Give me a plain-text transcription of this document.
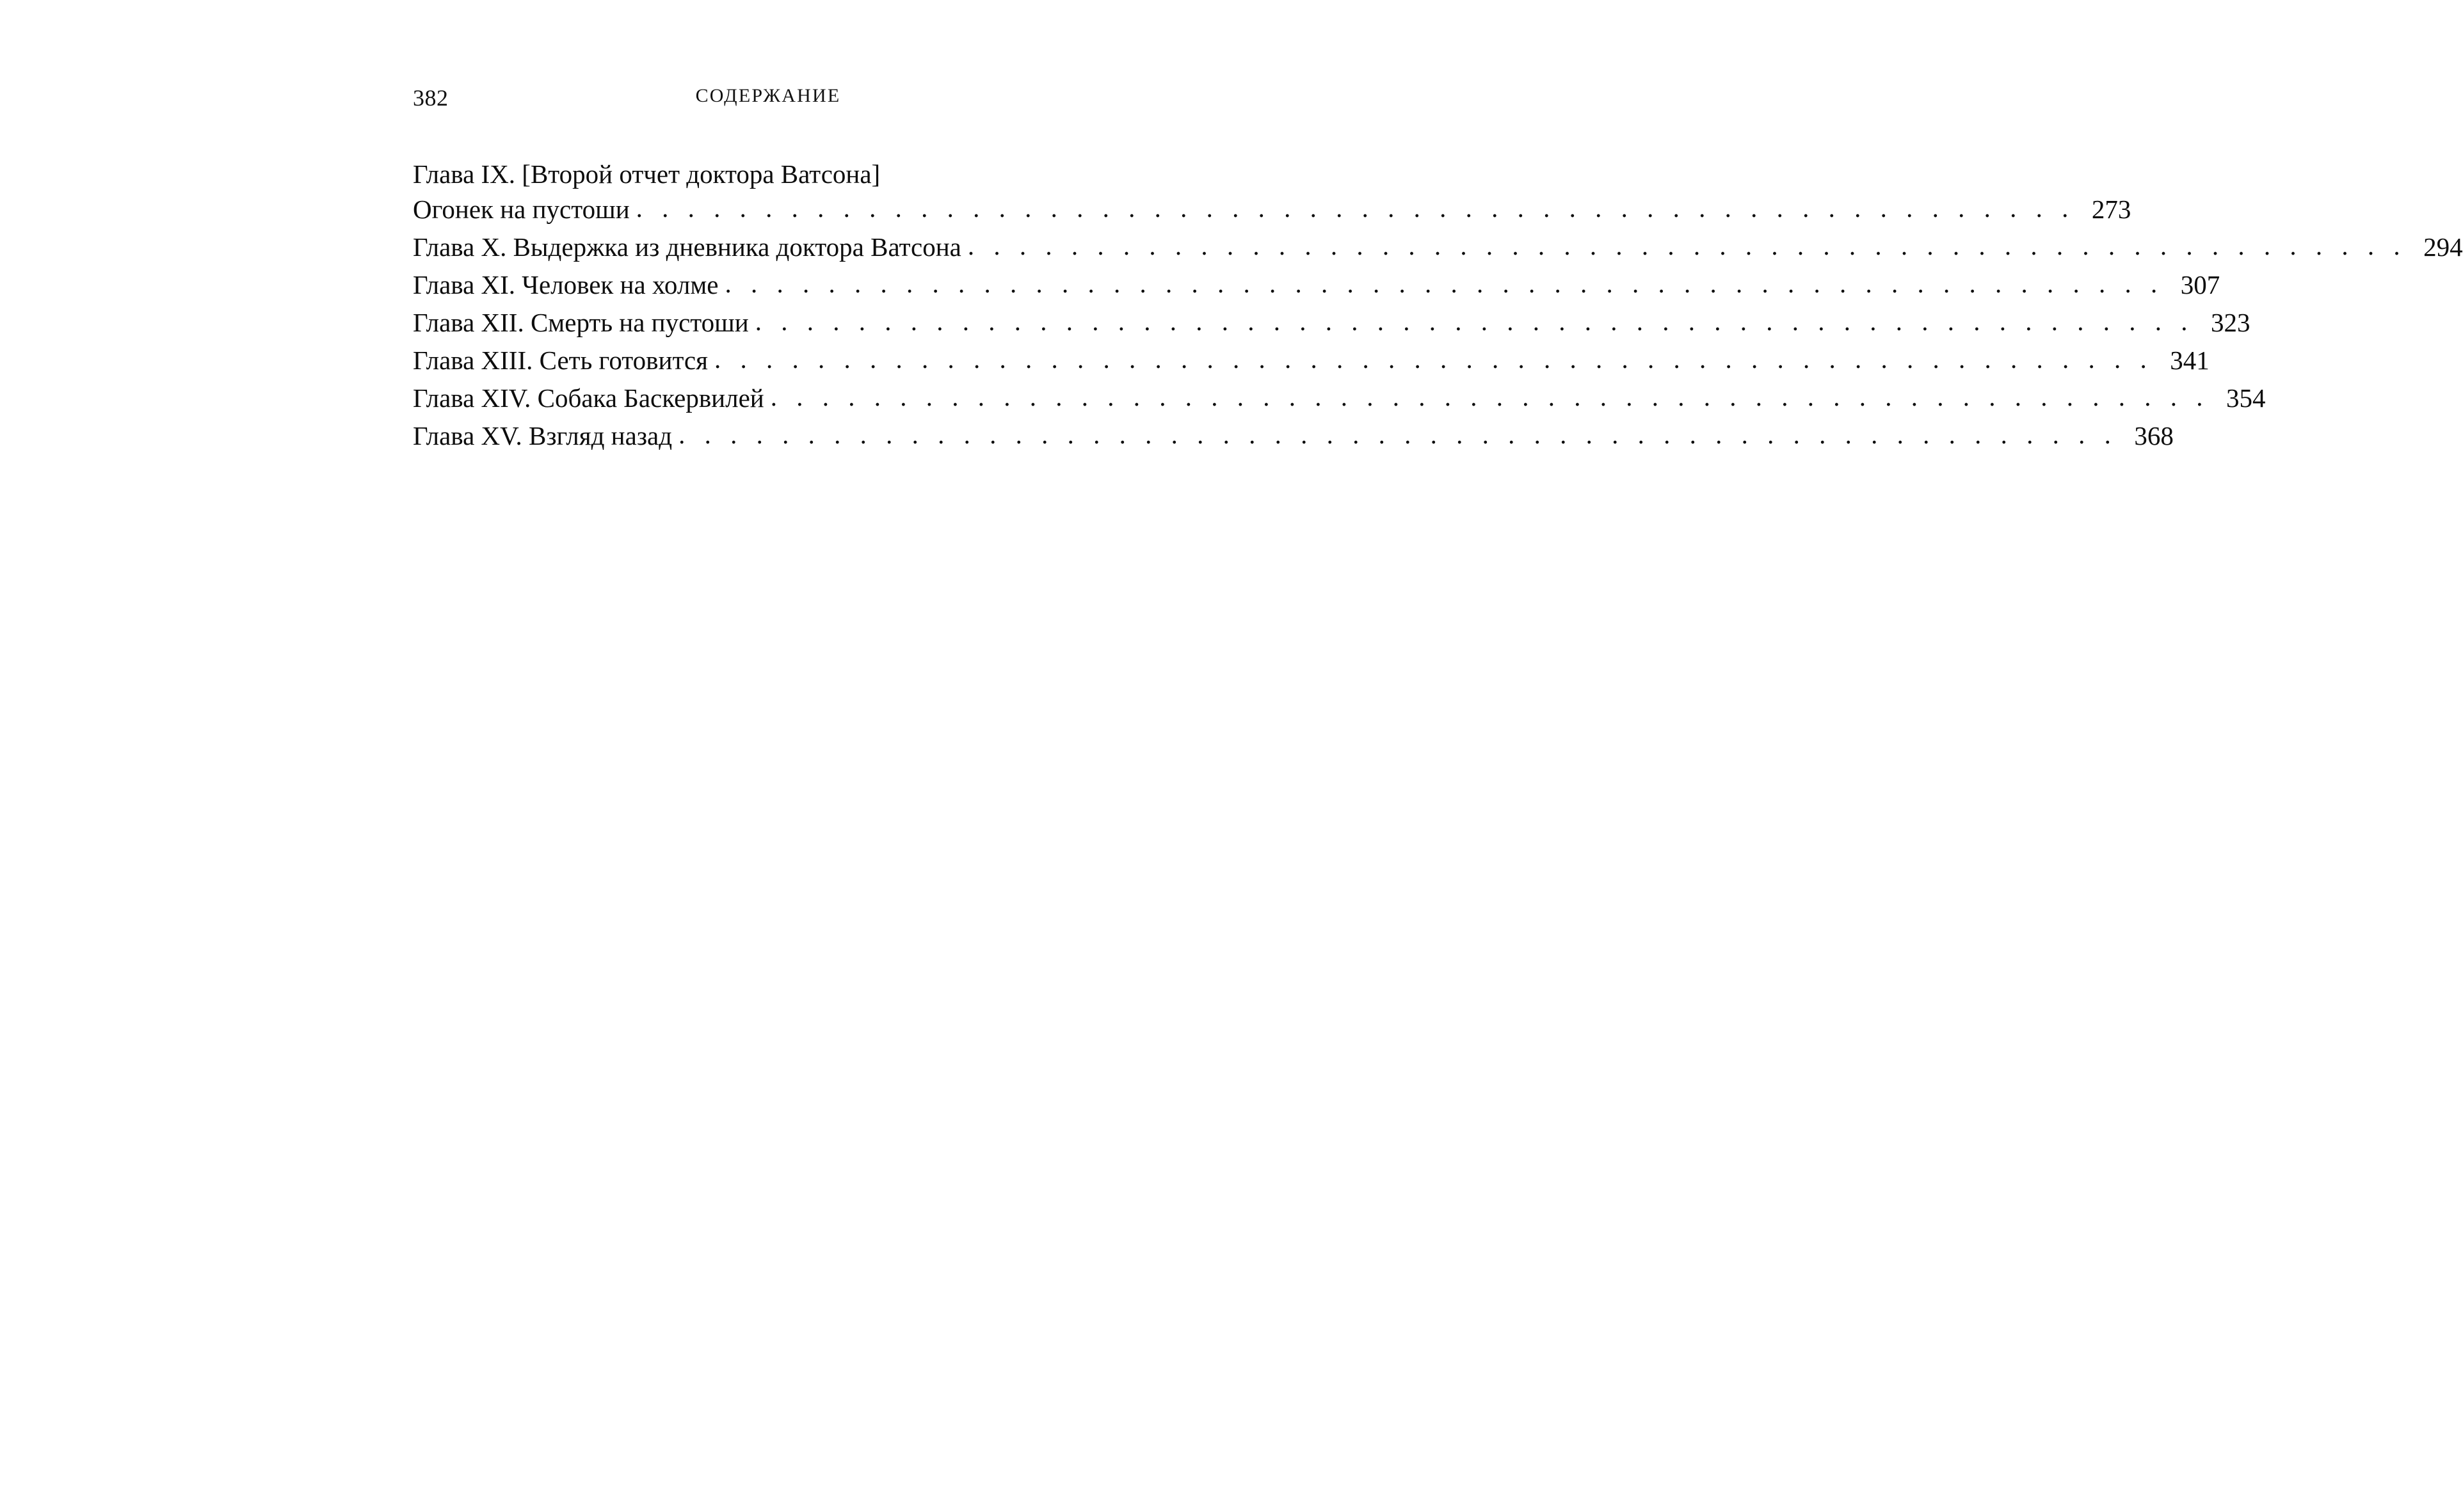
382	СОДЕРЖАНИЕ
Глава IX. [Второй отчет доктора Ватсона]
Огонек на пустоши . . . . . . . . . . . . . . . . . . . . . . . . . . . . . . . . . . . . . . . . . . . . . . . . . . . . . . . . 273
Глава X. Выдержка из дневника доктора Ватсона . . . . . . . . . . . . . . . . . . . . . . . . . . . . . . . . . . . . . . . . . . . . . . . . . . . . . . . . 294
Глава XI. Человек на холме . . . . . . . . . . . . . . . . . . . . . . . . . . . . . . . . . . . . . . . . . . . . . . . . . . . . . . . . 307
Глава XII. Смерть на пустоши . . . . . . . . . . . . . . . . . . . . . . . . . . . . . . . . . . . . . . . . . . . . . . . . . . . . . . . . 323
Глава XIII. Сеть готовится . . . . . . . . . . . . . . . . . . . . . . . . . . . . . . . . . . . . . . . . . . . . . . . . . . . . . . . . 341
Глава XIV. Собака Баскервилей . . . . . . . . . . . . . . . . . . . . . . . . . . . . . . . . . . . . . . . . . . . . . . . . . . . . . . . . 354
Глава XV. Взгляд назад . . . . . . . . . . . . . . . . . . . . . . . . . . . . . . . . . . . . . . . . . . . . . . . . . . . . . . . . 368
